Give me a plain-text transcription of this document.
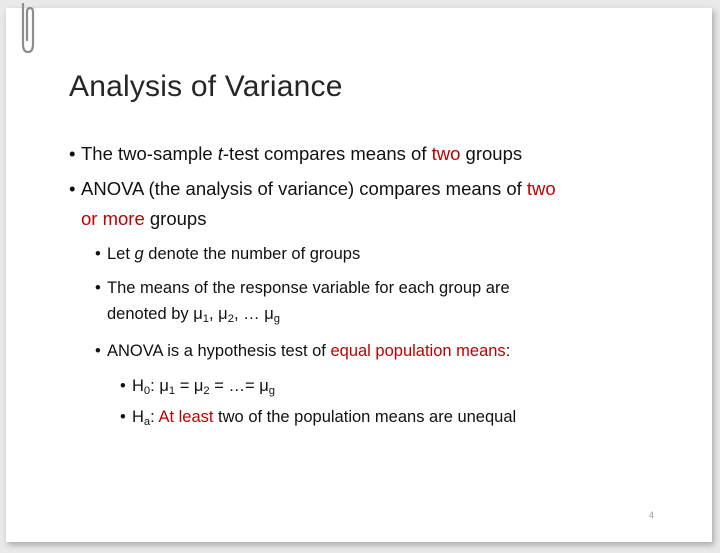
Analysis of Variance
• The two-sample t-test compares means of two groups
• ANOVA (the analysis of variance) compares means of two
or more groups
• Let g denote the number of groups
• The means of the response variable for each group are
denoted by $\mu_1$, $\mu_2$, … $\mu_g$
• ANOVA is a hypothesis test of equal population means:
• $H_0$: $\mu_1 = \mu_2$ = …= $\mu_g$
• $H_a$: At least two of the population means are unequal
4
